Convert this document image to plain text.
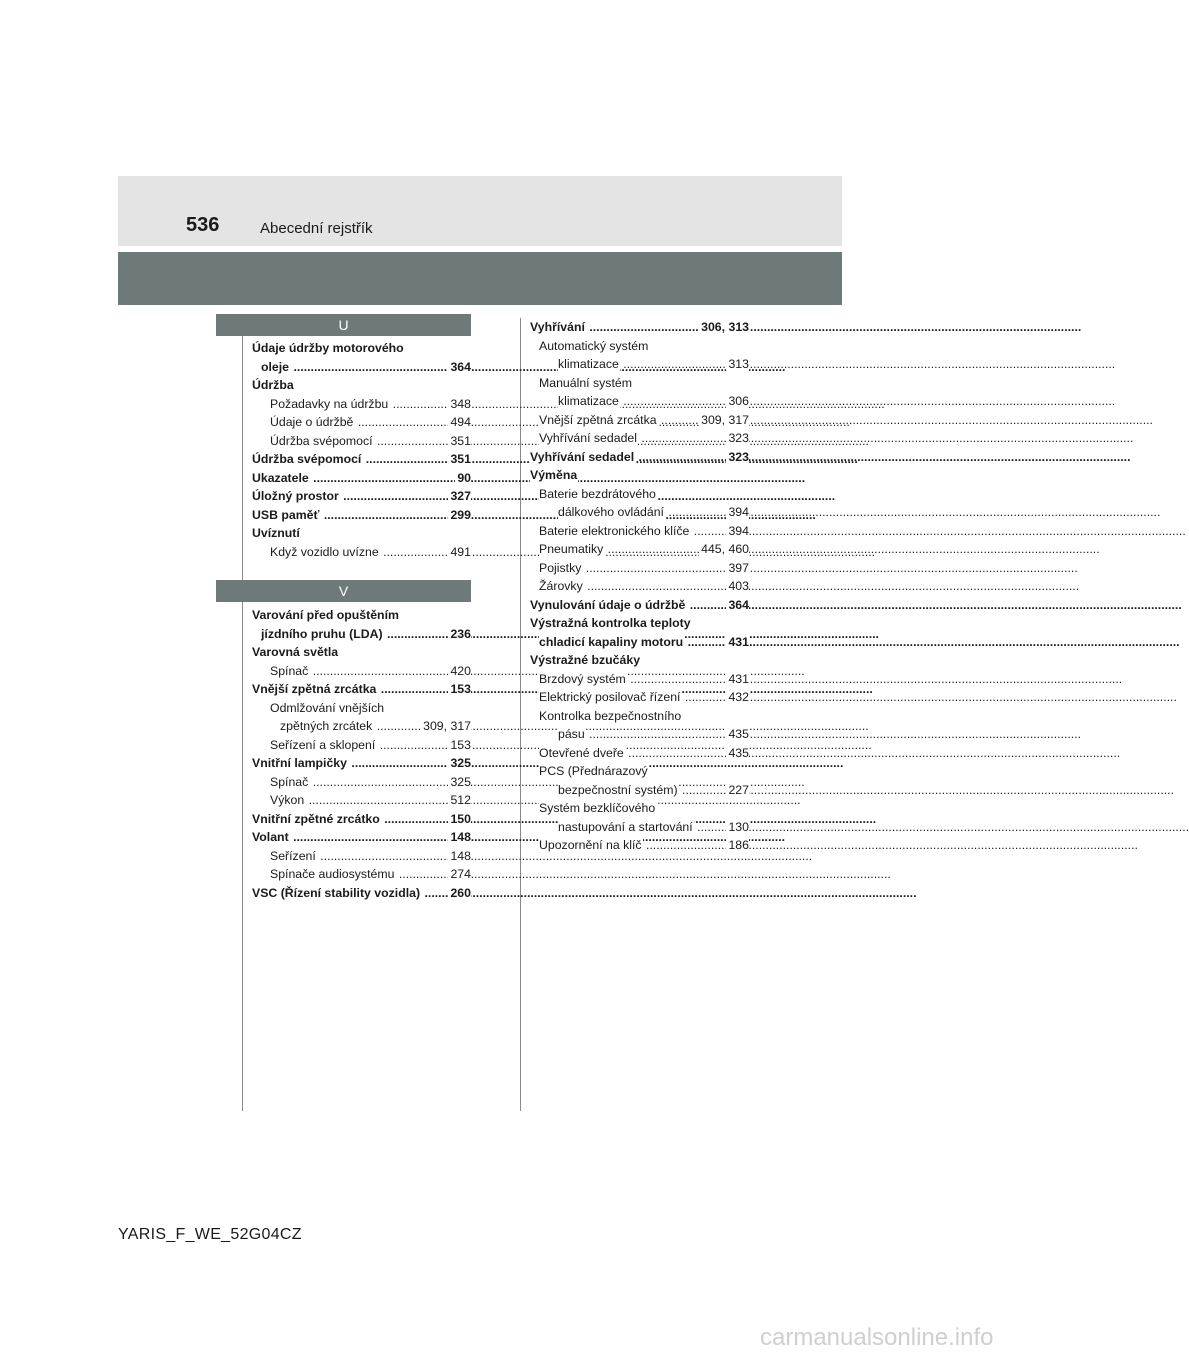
536	Abecední rejstřík
U
V
Údaje údržby motorového
oleje	364
.....
Údržba
Požadavky na údržbu	348
.....
Údaje o údržbě	494
.....
Údržba svépomocí	351
.....
Údržba svépomocí	351
.....
Ukazatele	90
.....
Úložný prostor	327
.....
USB paměť	299
.....
Uvíznutí
Když vozidlo uvízne	491
.....
Varování před opuštěním
jízdního pruhu (LDA)	236
.....
Varovná světla
Spínač	420
.....
Vnější zpětná zrcátka	153
.....
Odmlžování vnějších
zpětných zrcátek	309, 317
.....
Seřízení a sklopení	153
.....
Vnitřní lampičky	325
.....
Spínač	325
.....
Výkon	512
.....
Vnitřní zpětné zrcátko	150
.....
Volant	148
.....
Seřízení	148
.....
Spínače audiosystému	274
.....
VSC (Řízení stability vozidla) 260
.....
Vyhřívání	306, 313
.....
Automatický systém
klimatizace	313
.....
Manuální systém
klimatizace	306
.....
Vnější zpětná zrcátka	309, 317
.....
Vyhřívání sedadel	323
.....
Vyhřívání sedadel	323
.....
Výměna
Baterie bezdrátového
dálkového ovládání	394
.....
Baterie elektronického klíče	394
.....
Pneumatiky	445, 460
.....
Pojistky	397
.....
Žárovky	403
.....
Vynulování údaje o údržbě	364
.....
Výstražná kontrolka teploty
chladicí kapaliny motoru	431
.....
Výstražné bzučáky
Brzdový systém	431
.....
Elektrický posilovač řízení	432
.....
Kontrolka bezpečnostního
pásu	435
.....
Otevřené dveře	435
.....
PCS (Přednárazový
bezpečnostní systém)	227
.....
Systém bezklíčového
nastupování a startování	130
.....
Upozornění na klíč	186
.....
YARIS_F_WE_52G04CZ
carmanualsonline.info
